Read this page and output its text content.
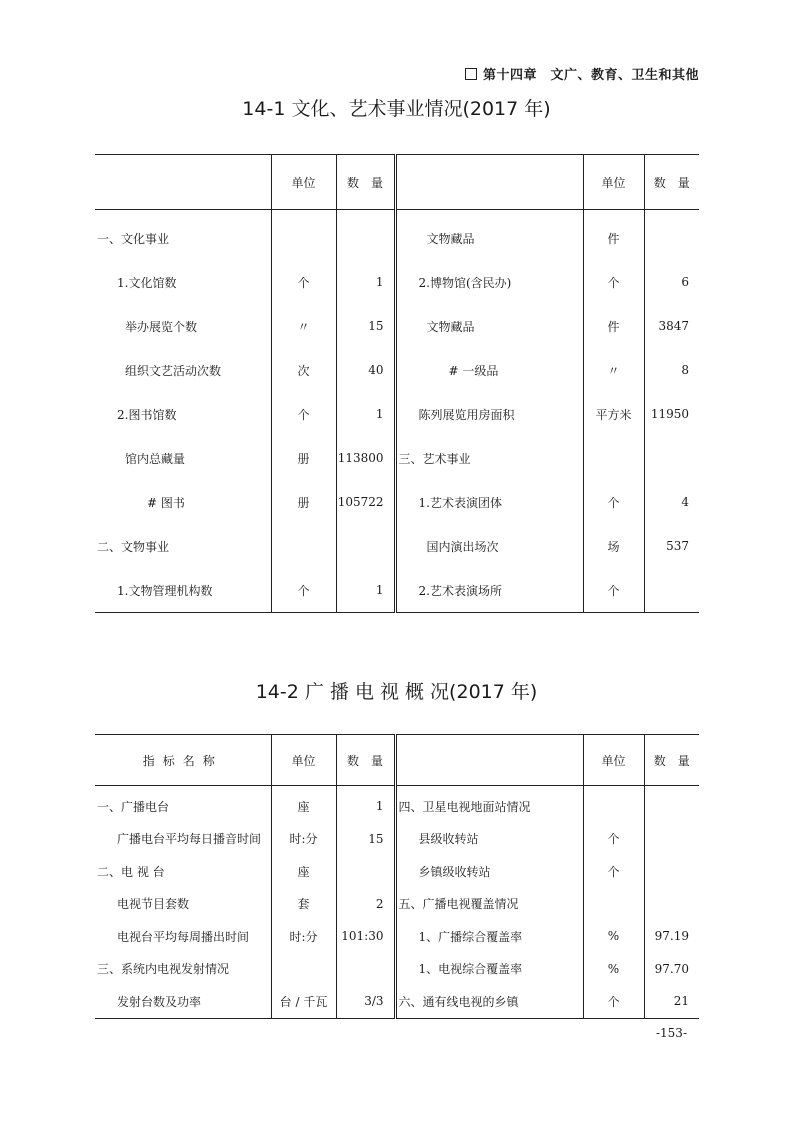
第十四章　文广、教育、卫生和其他
14-1 文化、艺术事业情况(2017 年)
	单位	数　量		单位	数　量
一、文化事业			文物藏品	件	
1.文化馆数	个	1	2.博物馆(含民办)	个	6
举办展览个数	〃	15	文物藏品	件	3847
组织文艺活动次数	次	40	# 一级品	〃	8
2.图书馆数	个	1	陈列展览用房面积	平方米	11950
馆内总藏量	册	113800	三、艺术事业		
# 图书	册	105722	1.艺术表演团体	个	4
二、文物事业			国内演出场次	场	537
1.文物管理机构数	个	1	2.艺术表演场所	个	
14-2 广 播 电 视 概 况(2017 年)
指标名称	单位	数　量		单位	数　量
一、广播电台	座	1	四、卫星电视地面站情况		
广播电台平均每日播音时间	时:分	15	县级收转站	个	
二、电 视 台	座		乡镇级收转站	个	
电视节目套数	套	2	五、广播电视覆盖情况		
电视台平均每周播出时间	时:分	101:30	1、广播综合覆盖率	%	97.19
三、系统内电视发射情况			1、电视综合覆盖率	%	97.70
发射台数及功率	台 / 千瓦	3/3	六、通有线电视的乡镇	个	21
-153-
